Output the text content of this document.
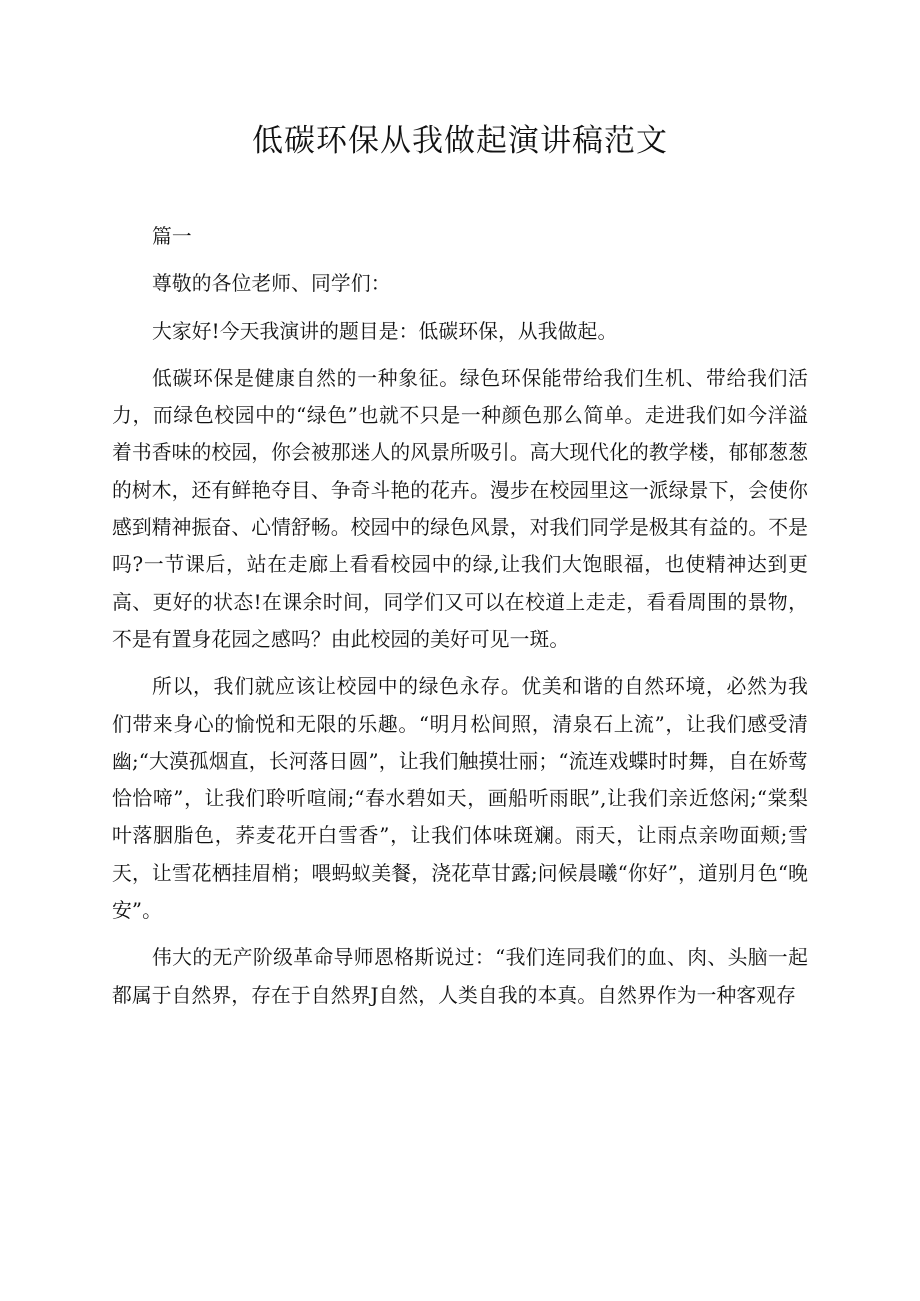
低碳环保从我做起演讲稿范文

篇一

尊敬的各位老师、同学们：

大家好!今天我演讲的题目是：低碳环保，从我做起。

低碳环保是健康自然的一种象征。绿色环保能带给我们生机、带给我们活力，而绿色校园中的“绿色”也就不只是一种颜色那么简单。走进我们如今洋溢着书香味的校园，你会被那迷人的风景所吸引。高大现代化的教学楼，郁郁葱葱的树木，还有鲜艳夺目、争奇斗艳的花卉。漫步在校园里这一派绿景下，会使你感到精神振奋、心情舒畅。校园中的绿色风景，对我们同学是极其有益的。不是吗?一节课后，站在走廊上看看校园中的绿,让我们大饱眼福，也使精神达到更高、更好的状态!在课余时间，同学们又可以在校道上走走，看看周围的景物，不是有置身花园之感吗？由此校园的美好可见一斑。

所以，我们就应该让校园中的绿色永存。优美和谐的自然环境，必然为我们带来身心的愉悦和无限的乐趣。“明月松间照，清泉石上流”，让我们感受清幽;“大漠孤烟直，长河落日圆”，让我们触摸壮丽；“流连戏蝶时时舞，自在娇莺恰恰啼”，让我们聆听喧闹;“春水碧如天，画船听雨眠”,让我们亲近悠闲;“棠梨叶落胭脂色，荞麦花开白雪香”，让我们体味斑斓。雨天，让雨点亲吻面颊;雪天，让雪花栖挂眉梢；喂蚂蚁美餐，浇花草甘露;问候晨曦“你好”，道别月色“晚安”。

伟大的无产阶级革命导师恩格斯说过：“我们连同我们的血、肉、头脑一起都属于自然界，存在于自然界J自然，人类自我的本真。自然界作为一种客观存
